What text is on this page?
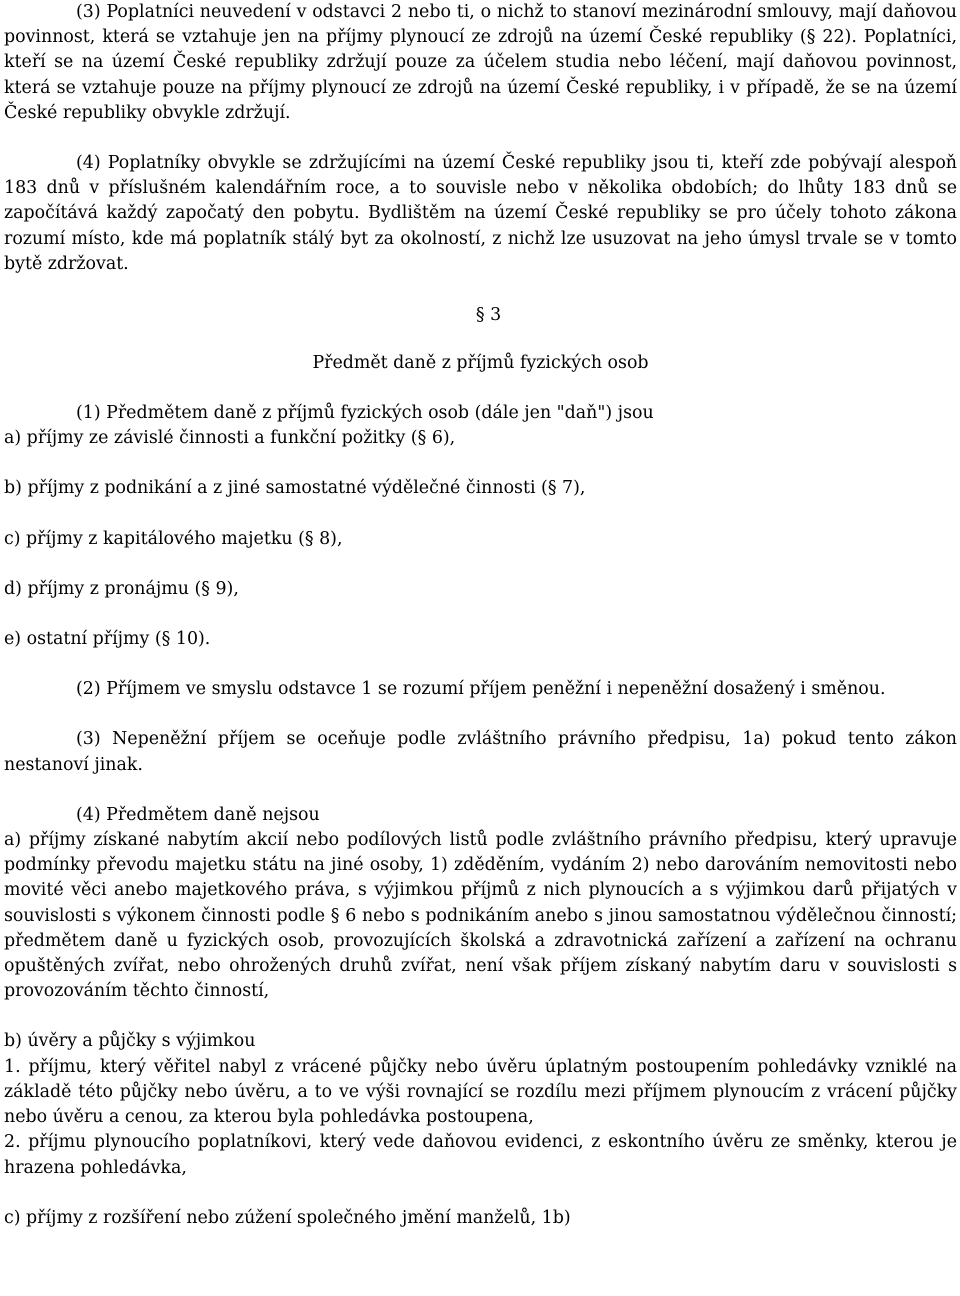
(3) Poplatníci neuvedení v odstavci 2 nebo ti, o nichž to stanoví mezinárodní smlouvy, mají daňovou povinnost, která se vztahuje jen na příjmy plynoucí ze zdrojů na území České republiky (§ 22). Poplatníci, kteří se na území České republiky zdržují pouze za účelem studia nebo léčení, mají daňovou povinnost, která se vztahuje pouze na příjmy plynoucí ze zdrojů na území České republiky, i v případě, že se na území České republiky obvykle zdržují.

(4) Poplatníky obvykle se zdržujícími na území České republiky jsou ti, kteří zde pobývají alespoň 183 dnů v příslušném kalendářním roce, a to souvisle nebo v několika obdobích; do lhůty 183 dnů se započítává každý započatý den pobytu. Bydlištěm na území České republiky se pro účely tohoto zákona rozumí místo, kde má poplatník stálý byt za okolností, z nichž lze usuzovat na jeho úmysl trvale se v tomto bytě zdržovat.

§ 3

Předmět daně z příjmů fyzických osob

(1) Předmětem daně z příjmů fyzických osob (dále jen "daň") jsou

a) příjmy ze závislé činnosti a funkční požitky (§ 6),

b) příjmy z podnikání a z jiné samostatné výdělečné činnosti (§ 7),

c) příjmy z kapitálového majetku (§ 8),

d) příjmy z pronájmu (§ 9),

e) ostatní příjmy (§ 10).

(2) Příjmem ve smyslu odstavce 1 se rozumí příjem peněžní i nepeněžní dosažený i směnou.

(3) Nepeněžní příjem se oceňuje podle zvláštního právního předpisu, 1a) pokud tento zákon nestanoví jinak.

(4) Předmětem daně nejsou

a) příjmy získané nabytím akcií nebo podílových listů podle zvláštního právního předpisu, který upravuje podmínky převodu majetku státu na jiné osoby, 1) zděděním, vydáním 2) nebo darováním nemovitosti nebo movité věci anebo majetkového práva, s výjimkou příjmů z nich plynoucích a s výjimkou darů přijatých v souvislosti s výkonem činnosti podle § 6 nebo s podnikáním anebo s jinou samostatnou výdělečnou činností; předmětem daně u fyzických osob, provozujících školská a zdravotnická zařízení a zařízení na ochranu opuštěných zvířat, nebo ohrožených druhů zvířat, není však příjem získaný nabytím daru v souvislosti s provozováním těchto činností,

b) úvěry a půjčky s výjimkou

1. příjmu, který věřitel nabyl z vrácené půjčky nebo úvěru úplatným postoupením pohledávky vzniklé na základě této půjčky nebo úvěru, a to ve výši rovnající se rozdílu mezi příjmem plynoucím z vrácení půjčky nebo úvěru a cenou, za kterou byla pohledávka postoupena,

2. příjmu plynoucího poplatníkovi, který vede daňovou evidenci, z eskontního úvěru ze směnky, kterou je hrazena pohledávka,

c) příjmy z rozšíření nebo zúžení společného jmění manželů, 1b)
